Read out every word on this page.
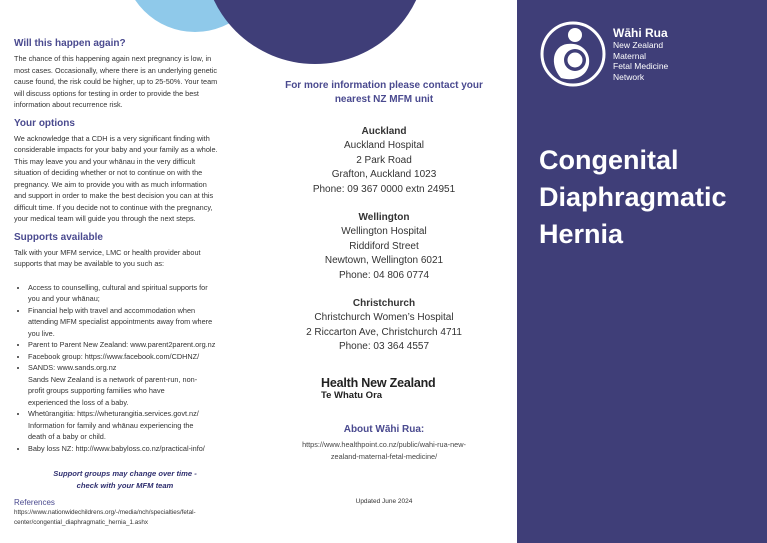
Will this happen again?
The chance of this happening again next pregnancy is low, in
most cases. Occasionally, where there is an underlying genetic
cause found, the risk could be higher, up to 25-50%. Your team
will discuss options for testing in order to provide the best
information about recurrence risk.
Your options
We acknowledge that a CDH is a very significant finding with
considerable impacts for your baby and your family as a whole.
This may leave you and your whānau in the very difficult
situation of deciding whether or not to continue on with the
pregnancy. We aim to provide you with as much information
and support in order to make the best decision you can at this
difficult time. If you decide not to continue with the pregnancy,
your medical team will guide you through the next steps.
Supports available
Talk with your MFM service, LMC or health provider about
supports that may be available to you such as:
• Access to counselling, cultural and spiritual supports for
you and your whānau;
• Financial help with travel and accommodation when
attending MFM specialist appointments away from where
you live.
• Parent to Parent New Zealand: www.parent2parent.org.nz
• Facebook group: https://www.facebook.com/CDHNZ/
• SANDS: www.sands.org.nz
Sands New Zealand is a network of parent-run, non-
profit groups supporting families who have
experienced the loss of a baby.
• Whetūrangitia: https://wheturangitia.services.govt.nz/
Information for family and whānau experiencing the
death of a baby or child.
• Baby loss NZ: http://www.babyloss.co.nz/practical-info/
Support groups may change over time -
check with your MFM team
References
https://www.nationwidechildrens.org/-/media/nch/specialties/fetal-
center/congential_diaphragmatic_hernia_1.ashx
For more information please contact your
nearest NZ MFM unit
Auckland
Auckland Hospital
2 Park Road
Grafton, Auckland 1023
Phone: 09 367 0000 extn 24951
Wellington
Wellington Hospital
Riddiford Street
Newtown, Wellington 6021
Phone: 04 806 0774
Christchurch
Christchurch Women’s Hospital
2 Riccarton Ave, Christchurch 4711
Phone: 03 364 4557
Health New Zealand
Te Whatu Ora
About Wāhi Rua:
https://www.healthpoint.co.nz/public/wahi-rua-new-
zealand-maternal-fetal-medicine/
Updated June 2024
Wāhi Rua
New Zealand
Maternal
Fetal Medicine
Network
Congenital
Diaphragmatic
Hernia
